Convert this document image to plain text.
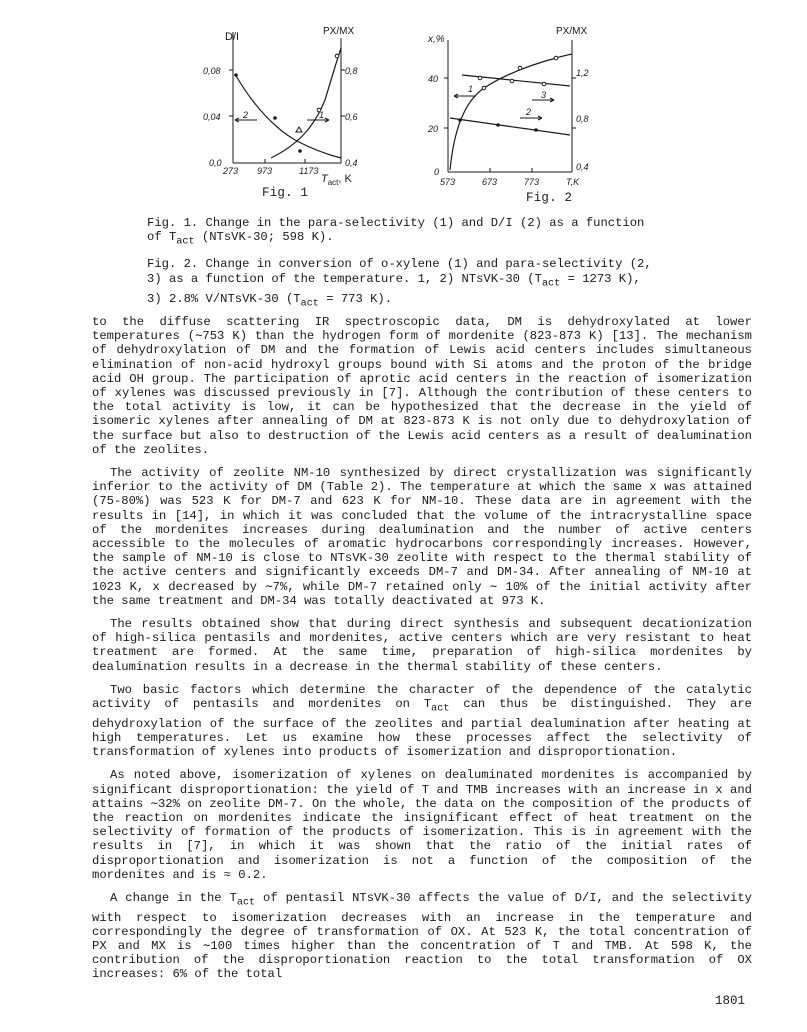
D/I	PX/MX
0,08
0,04
0,0
0,8
0,6
0,4
273 973	1173
$T_{act}$, K
2	1
Fig. 1
x,%
PX/MX
40
20
0
1,2
0,8
0,4
573	673	773	T,K
1
3
2
Fig. 2

Fig. 1. Change in the para-selectivity (1) and D/I (2) as a function
of $T_{act}$ (NTsVK-30; 598 K).

Fig. 2. Change in conversion of o-xylene (1) and para-selectivity (2,
3) as a function of the temperature. 1, 2) NTsVK-30 ($T_{act} = 1273$ K),
3) 2.8% V/NTsVK-30 ($T_{act} = 773$ K).

to the diffuse scattering IR spectroscopic data, DM is dehydroxylated at lower temperatures (∼753 K) than the hydrogen form of mordenite (823-873 K) [13]. The mechanism of dehydroxylation of DM and the formation of Lewis acid centers includes simultaneous elimination of non-acid hydroxyl groups bound with Si atoms and the proton of the bridge acid OH group. The participation of aprotic acid centers in the reaction of isomerization of xylenes was discussed previously in [7]. Although the contribution of these centers to the total activity is low, it can be hypothesized that the decrease in the yield of isomeric xylenes after annealing of DM at 823-873 K is not only due to dehydroxylation of the surface but also to destruction of the Lewis acid centers as a result of dealumination of the zeolites.

The activity of zeolite NM-10 synthesized by direct crystallization was significantly inferior to the activity of DM (Table 2). The temperature at which the same x was attained (75-80%) was 523 K for DM-7 and 623 K for NM-10. These data are in agreement with the results in [14], in which it was concluded that the volume of the intracrystalline space of the mordenites increases during dealumination and the number of active centers accessible to the molecules of aromatic hydrocarbons correspondingly increases. However, the sample of NM-10 is close to NTsVK-30 zeolite with respect to the thermal stability of the active centers and significantly exceeds DM-7 and DM-34. After annealing of NM-10 at 1023 K, x decreased by ∼7%, while DM-7 retained only ∼ 10% of the initial activity after the same treatment and DM-34 was totally deactivated at 973 K.

The results obtained show that during direct synthesis and subsequent decationization of high-silica pentasils and mordenites, active centers which are very resistant to heat treatment are formed. At the same time, preparation of high-silica mordenites by dealumination results in a decrease in the thermal stability of these centers.

Two basic factors which determine the character of the dependence of the catalytic activity of pentasils and mordenites on $T_{act}$ can thus be distinguished. They are dehydroxylation of the surface of the zeolites and partial dealumination after heating at high temperatures. Let us examine how these processes affect the selectivity of transformation of xylenes into products of isomerization and disproportionation.

As noted above, isomerization of xylenes on dealuminated mordenites is accompanied by significant disproportionation: the yield of T and TMB increases with an increase in x and attains ∼32% on zeolite DM-7. On the whole, the data on the composition of the products of the reaction on mordenites indicate the insignificant effect of heat treatment on the selectivity of formation of the products of isomerization. This is in agreement with the results in [7], in which it was shown that the ratio of the initial rates of disproportionation and isomerization is not a function of the composition of the mordenites and is ≈ 0.2.

A change in the $T_{act}$ of pentasil NTsVK-30 affects the value of D/I, and the selectivity with respect to isomerization decreases with an increase in the temperature and correspondingly the degree of transformation of OX. At 523 K, the total concentration of PX and MX is ∼100 times higher than the concentration of T and TMB. At 598 K, the contribution of the disproportionation reaction to the total transformation of OX increases: 6% of the total

1801
